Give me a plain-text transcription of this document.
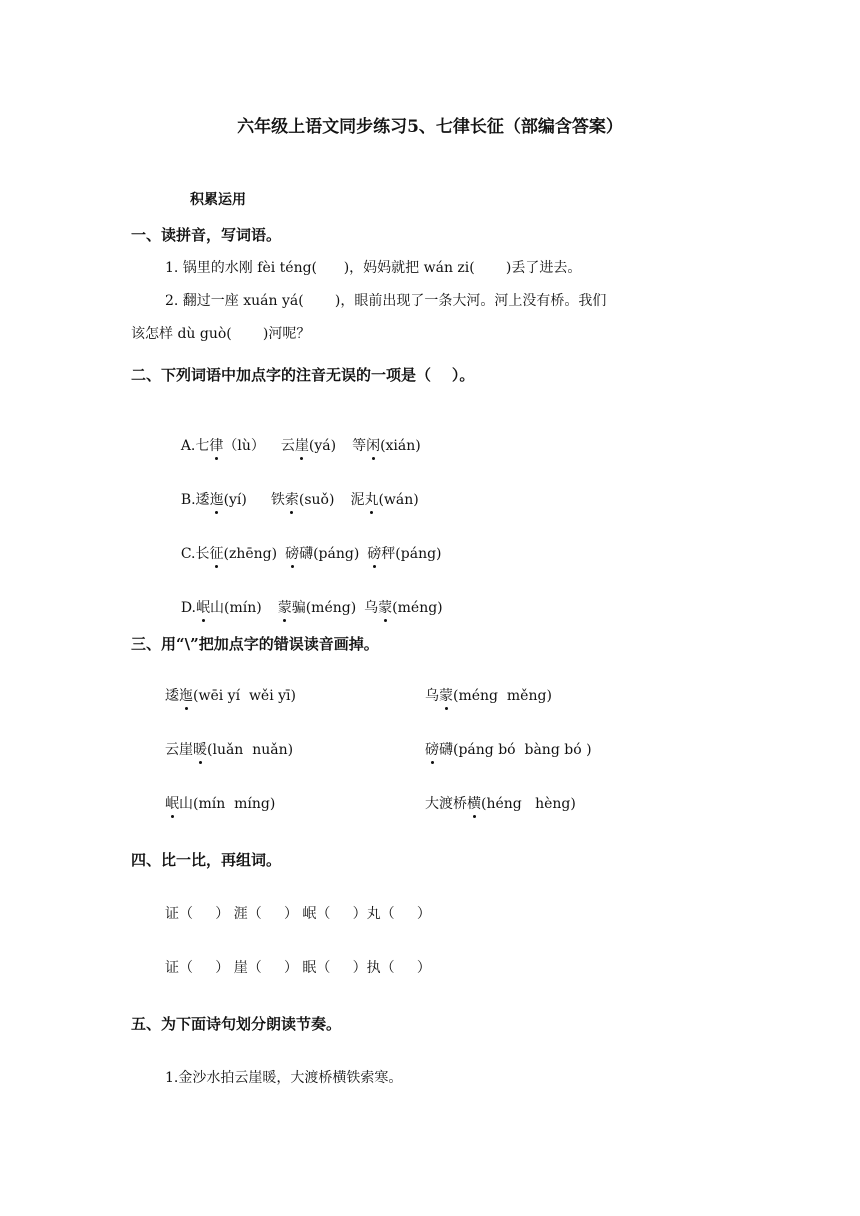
六年级上语文同步练习5、七律长征（部编含答案）
积累运用
一、读拼音，写词语。
1. 锅里的水刚 fèi téng(      )，妈妈就把 wán zi(       )丢了进去。
2. 翻过一座 xuán yá(       )，眼前出现了一条大河。河上没有桥。我们
该怎样 dù guò(       )河呢？
二、下列词语中加点字的注音无误的一项是（    ）。

A.七律（lù） 云崖(yá) 等闲(xián)

B.逶迤(yí) 铁索(suǒ) 泥丸(wán)

C.长征(zhēng) 磅礴(páng) 磅秤(páng)

D.岷山(mín) 蒙骗(méng) 乌蒙(méng)

三、用“\”把加点字的错误读音画掉。
逶迤(wēi yí  wěi yī)	乌蒙(méng  měng)
云崖暖(luǎn  nuǎn)	磅礴(páng bó  bàng bó )
岷山(mín  míng)	大渡桥横(héng   hèng)
四、比一比，再组词。
证（     ） 涯（     ） 岷（     ）丸（     ）
证（     ） 崖（     ） 眠（     ）执（     ）
五、为下面诗句划分朗读节奏。
1.金沙水拍云崖暖，大渡桥横铁索寒。
